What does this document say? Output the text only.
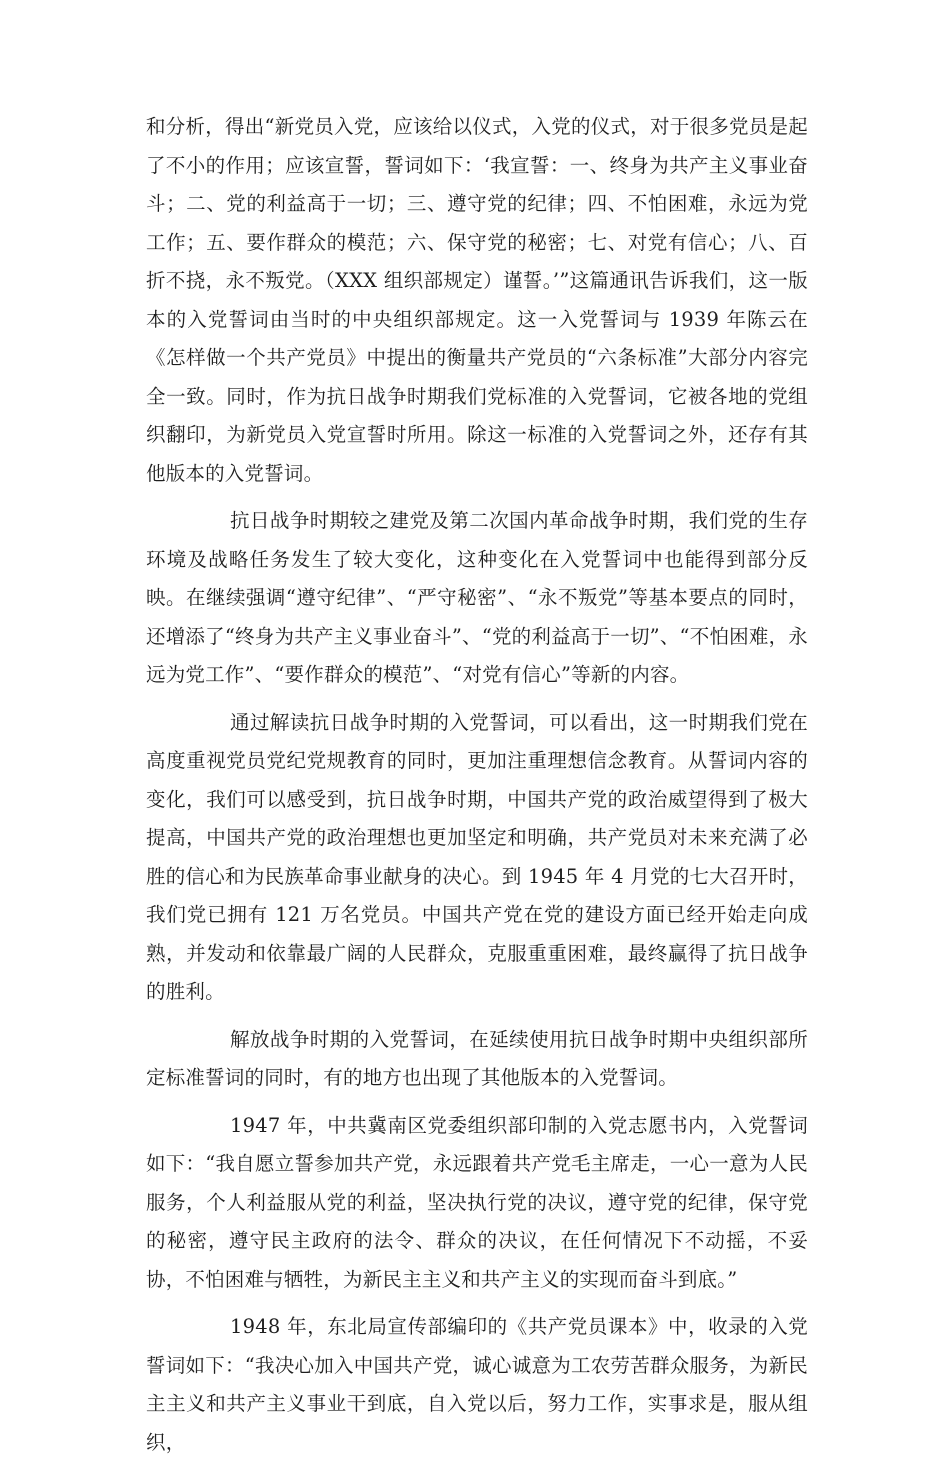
和分析，得出“新党员入党，应该给以仪式，入党的仪式，对于很多党员是起了不小的作用；应该宣誓，誓词如下：‘我宣誓：一、终身为共产主义事业奋斗；二、党的利益高于一切；三、遵守党的纪律；四、不怕困难，永远为党工作；五、要作群众的模范；六、保守党的秘密；七、对党有信心；八、百折不挠，永不叛党。（XXX 组织部规定）谨誓。’”这篇通讯告诉我们，这一版本的入党誓词由当时的中央组织部规定。这一入党誓词与 1939 年陈云在《怎样做一个共产党员》中提出的衡量共产党员的“六条标准”大部分内容完全一致。同时，作为抗日战争时期我们党标准的入党誓词，它被各地的党组织翻印，为新党员入党宣誓时所用。除这一标准的入党誓词之外，还存有其他版本的入党誓词。

抗日战争时期较之建党及第二次国内革命战争时期，我们党的生存环境及战略任务发生了较大变化，这种变化在入党誓词中也能得到部分反映。在继续强调“遵守纪律”、“严守秘密”、“永不叛党”等基本要点的同时，还增添了“终身为共产主义事业奋斗”、“党的利益高于一切”、“不怕困难，永远为党工作”、“要作群众的模范”、“对党有信心”等新的内容。

通过解读抗日战争时期的入党誓词，可以看出，这一时期我们党在高度重视党员党纪党规教育的同时，更加注重理想信念教育。从誓词内容的变化，我们可以感受到，抗日战争时期，中国共产党的政治威望得到了极大提高，中国共产党的政治理想也更加坚定和明确，共产党员对未来充满了必胜的信心和为民族革命事业献身的决心。到 1945 年 4 月党的七大召开时，我们党已拥有 121 万名党员。中国共产党在党的建设方面已经开始走向成熟，并发动和依靠最广阔的人民群众，克服重重困难，最终赢得了抗日战争的胜利。

解放战争时期的入党誓词，在延续使用抗日战争时期中央组织部所定标准誓词的同时，有的地方也出现了其他版本的入党誓词。

1947 年，中共冀南区党委组织部印制的入党志愿书内，入党誓词如下：“我自愿立誓参加共产党，永远跟着共产党毛主席走，一心一意为人民服务，个人利益服从党的利益，坚决执行党的决议，遵守党的纪律，保守党的秘密，遵守民主政府的法令、群众的决议，在任何情况下不动摇，不妥协，不怕困难与牺牲，为新民主主义和共产主义的实现而奋斗到底。”

1948 年，东北局宣传部编印的《共产党员课本》中，收录的入党誓词如下：“我决心加入中国共产党，诚心诚意为工农劳苦群众服务，为新民主主义和共产主义事业干到底，自入党以后，努力工作，实事求是，服从组织，
